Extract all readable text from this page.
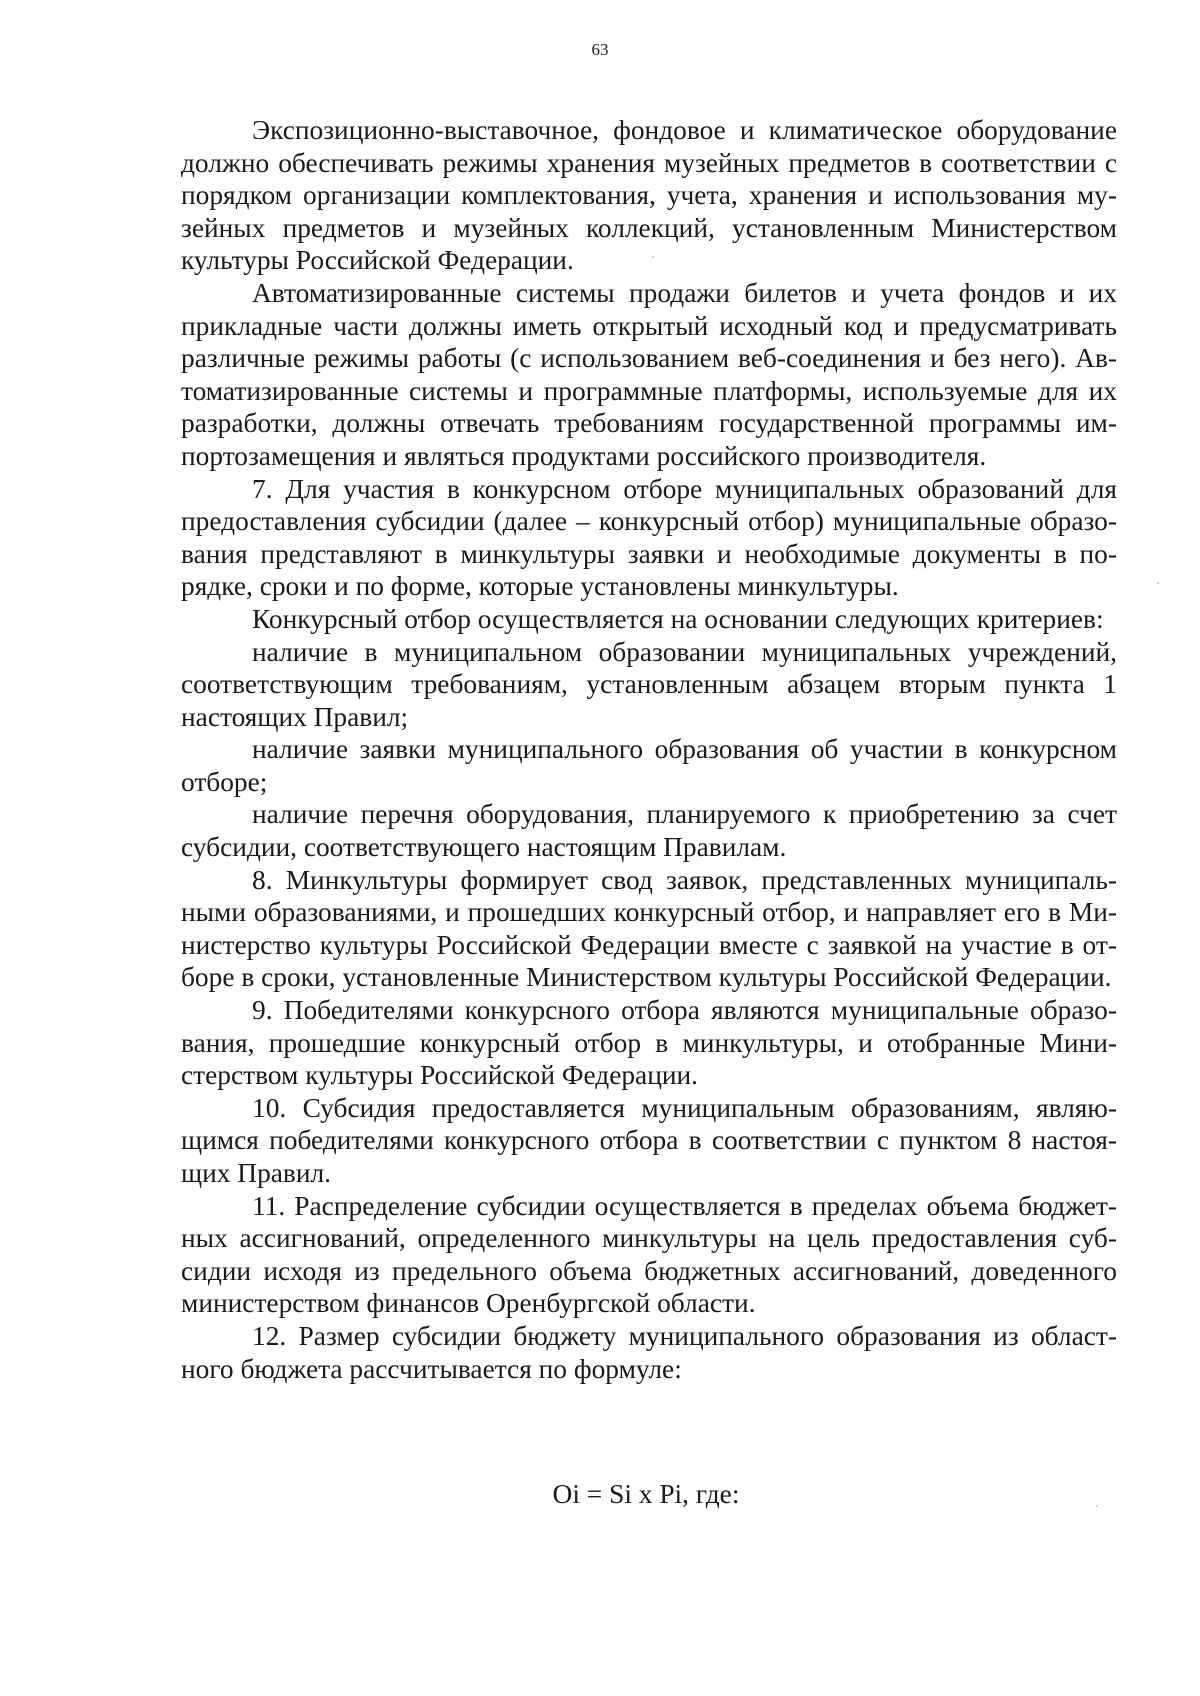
63

Экспозиционно-выставочное, фондовое и климатическое оборудование должно обеспечивать режимы хранения музейных предметов в соответствии с порядком организации комплектования, учета, хранения и использования музейных предметов и музейных коллекций, установленным Министерством культуры Российской Федерации.

Автоматизированные системы продажи билетов и учета фондов и их прикладные части должны иметь открытый исходный код и предусматривать различные режимы работы (с использованием веб-соединения и без него). Автоматизированные системы и программные платформы, используемые для их разработки, должны отвечать требованиям государственной программы импортозамещения и являться продуктами российского производителя.

7. Для участия в конкурсном отборе муниципальных образований для предоставления субсидии (далее – конкурсный отбор) муниципальные образования представляют в минкультуры заявки и необходимые документы в порядке, сроки и по форме, которые установлены минкультуры.

Конкурсный отбор осуществляется на основании следующих критериев:

наличие в муниципальном образовании муниципальных учреждений, соответствующим требованиям, установленным абзацем вторым пункта 1 настоящих Правил;

наличие заявки муниципального образования об участии в конкурсном отборе;

наличие перечня оборудования, планируемого к приобретению за счет субсидии, соответствующего настоящим Правилам.

8. Минкультуры формирует свод заявок, представленных муниципальными образованиями, и прошедших конкурсный отбор, и направляет его в Министерство культуры Российской Федерации вместе с заявкой на участие в отборе в сроки, установленные Министерством культуры Российской Федерации.

9. Победителями конкурсного отбора являются муниципальные образования, прошедшие конкурсный отбор в минкультуры, и отобранные Министерством культуры Российской Федерации.

10. Субсидия предоставляется муниципальным образованиям, являющимся победителями конкурсного отбора в соответствии с пунктом 8 настоящих Правил.

11. Распределение субсидии осуществляется в пределах объема бюджетных ассигнований, определенного минкультуры на цель предоставления субсидии исходя из предельного объема бюджетных ассигнований, доведенного министерством финансов Оренбургской области.

12. Размер субсидии бюджету муниципального образования из областного бюджета рассчитывается по формуле:

Oi = Si x Pi, где:
